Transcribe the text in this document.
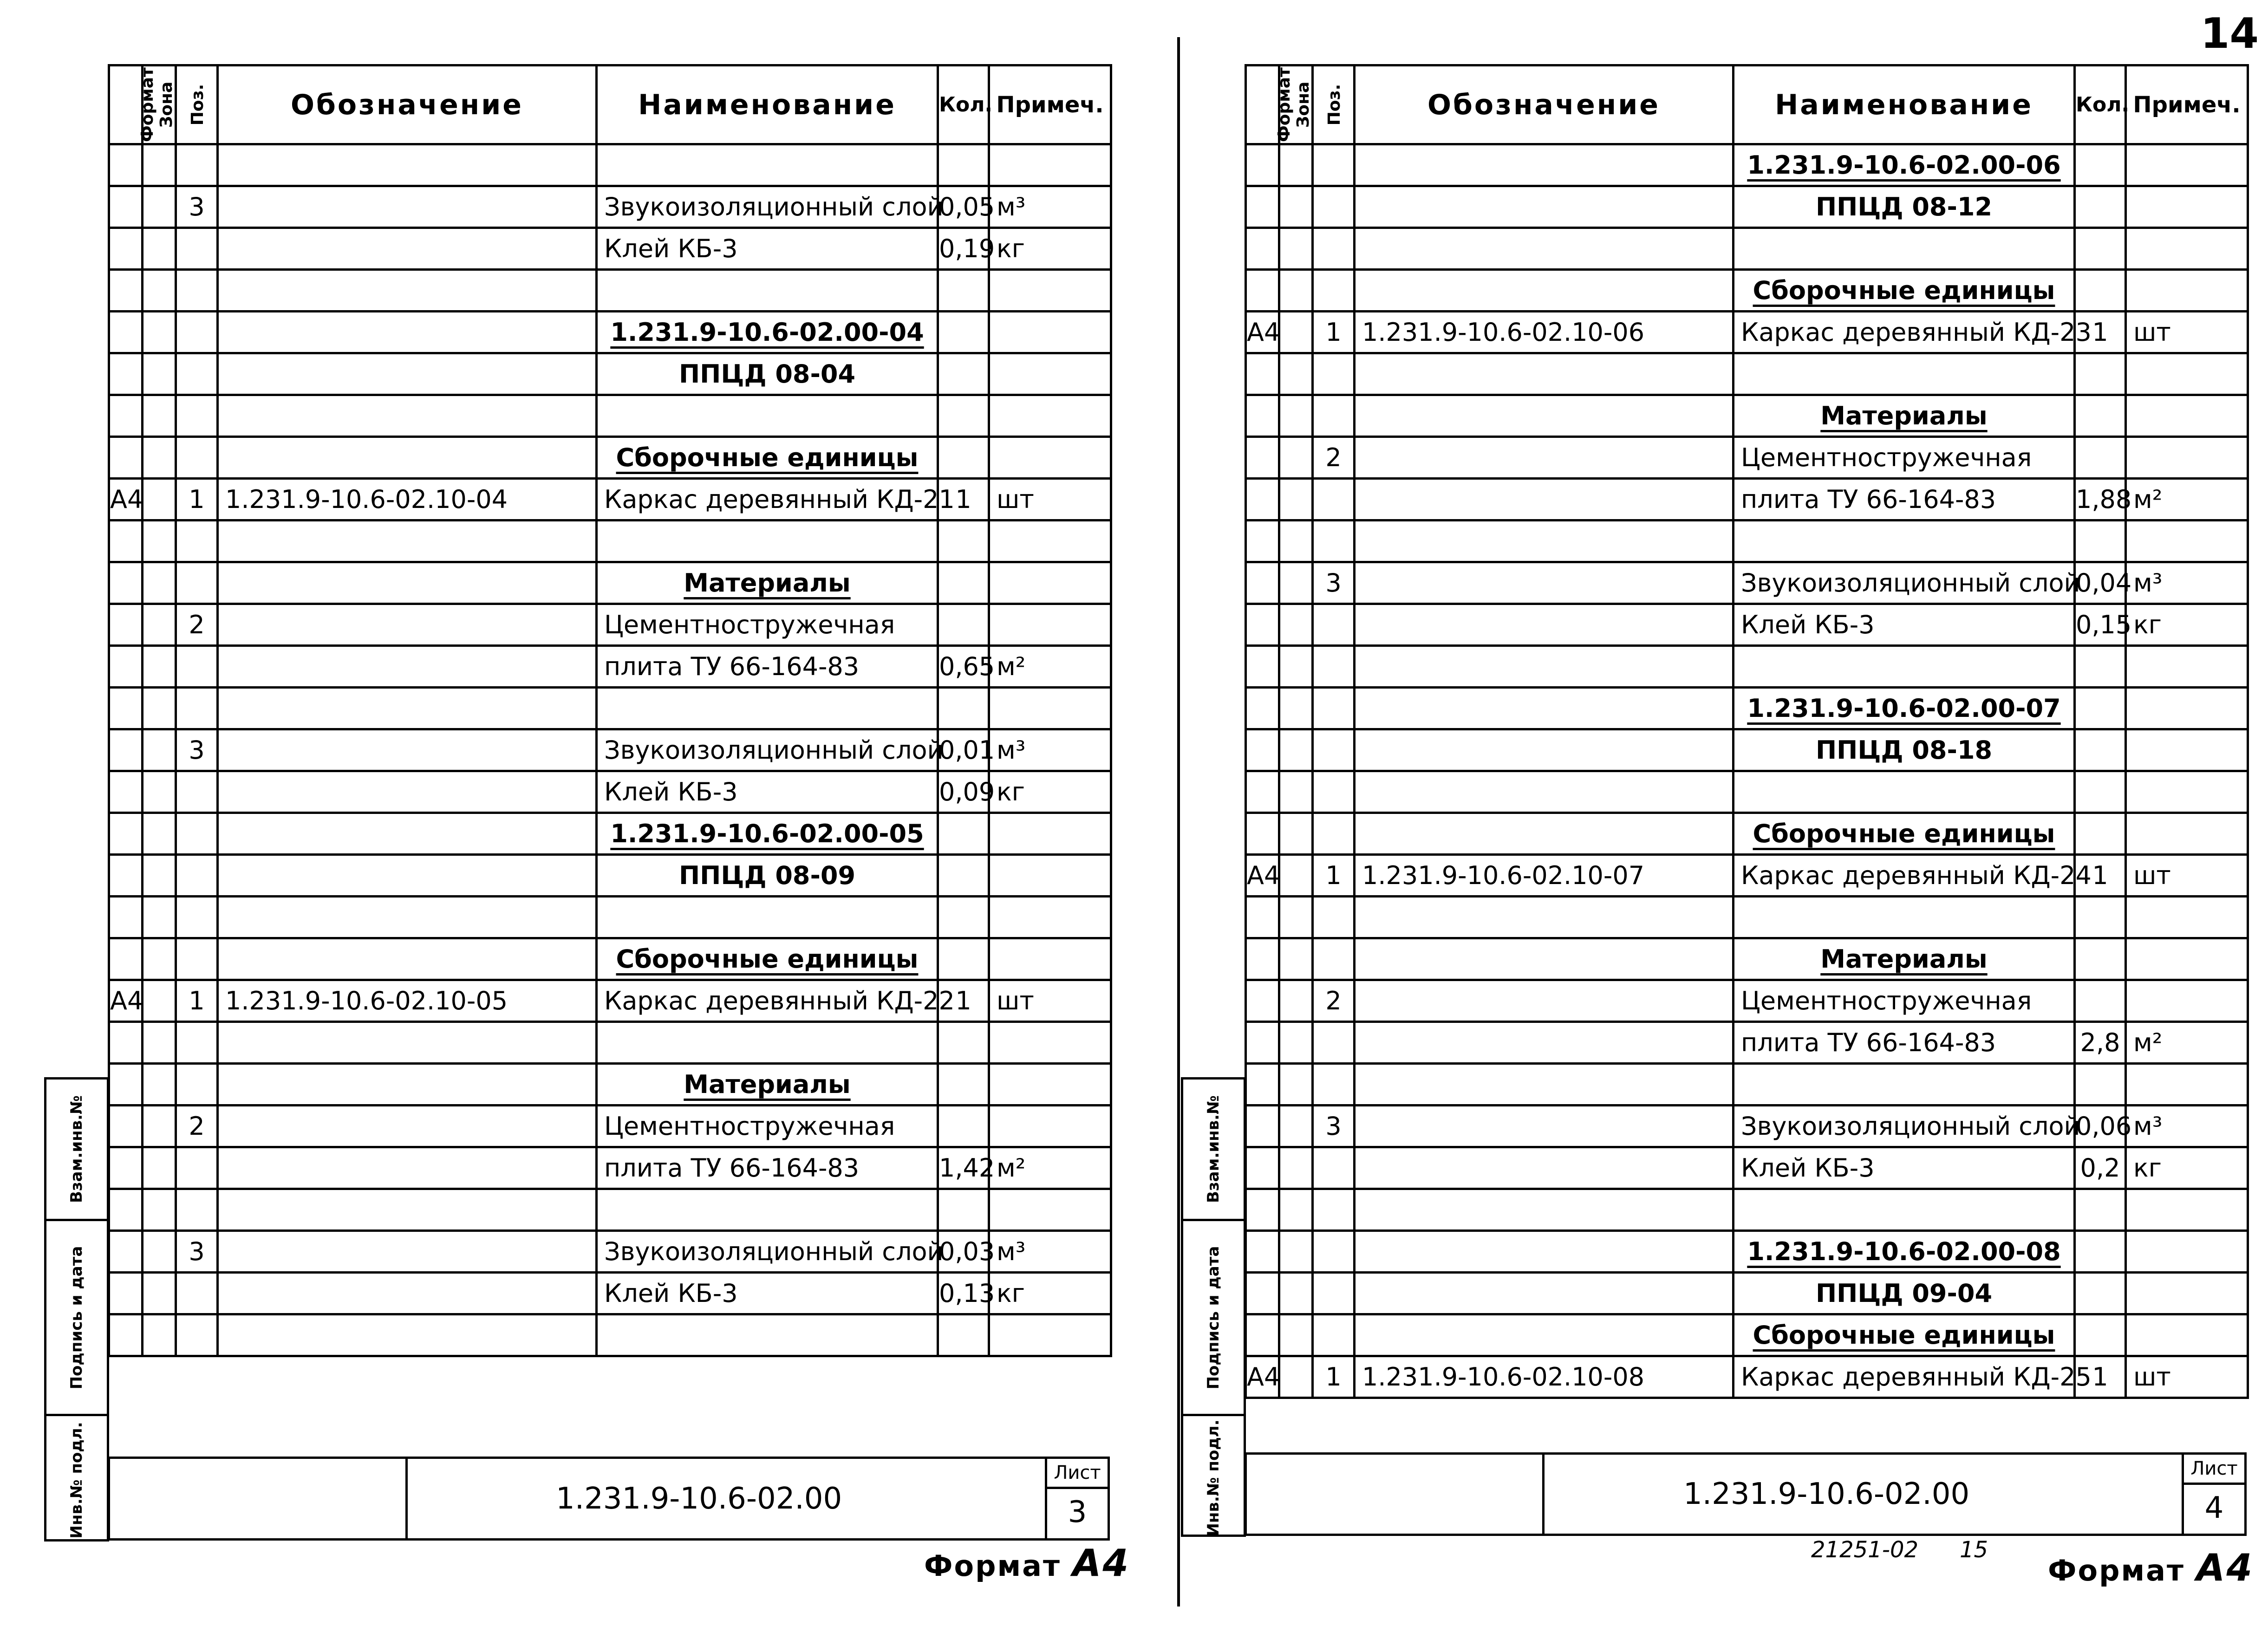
14
Формат	Зона	Поз.	Обозначение	Наименование	Кол.	Примеч.

		3		Звукоизоляционный слой	0,05	м³
				Клей КБ-3	0,19	кг

				1.231.9-10.6-02.00-04		
				ППЦД 08-04		

				Сборочные единицы		
А4		1	1.231.9-10.6-02.10-04	Каркас деревянный КД-21	1	шт

				Материалы		
		2		Цементностружечная		
				плита ТУ 66-164-83	0,65	м²

		3		Звукоизоляционный слой	0,01	м³
				Клей КБ-3	0,09	кг
				1.231.9-10.6-02.00-05		
				ППЦД 08-09		

				Сборочные единицы		
А4		1	1.231.9-10.6-02.10-05	Каркас деревянный КД-22	1	шт

				Материалы		
		2		Цементностружечная		
				плита ТУ 66-164-83	1,42	м²

		3		Звукоизоляционный слой	0,03	м³
				Клей КБ-3	0,13	кг

1.231.9-10.6-02.00
Лист
3
Взам.инв.№
Подпись и дата
Инв.№ подл.
Формат А4
Формат	Зона	Поз.	Обозначение	Наименование	Кол.	Примеч.
				1.231.9-10.6-02.00-06		
				ППЦД 08-12		

				Сборочные единицы		
А4		1	1.231.9-10.6-02.10-06	Каркас деревянный КД-23	1	шт

				Материалы		
		2		Цементностружечная		
				плита ТУ 66-164-83	1,88	м²

		3		Звукоизоляционный слой	0,04	м³
				Клей КБ-3	0,15	кг

				1.231.9-10.6-02.00-07		
				ППЦД 08-18		

				Сборочные единицы		
А4		1	1.231.9-10.6-02.10-07	Каркас деревянный КД-24	1	шт

				Материалы		
		2		Цементностружечная		
				плита ТУ 66-164-83	2,8	м²

		3		Звукоизоляционный слой	0,06	м³
				Клей КБ-3	0,2	кг

				1.231.9-10.6-02.00-08		
				ППЦД 09-04		
				Сборочные единицы		
А4		1	1.231.9-10.6-02.10-08	Каркас деревянный КД-25	1	шт
1.231.9-10.6-02.00
Лист
4
Взам.инв.№
Подпись и дата
Инв.№ подл.
21251-02 15
Формат А4
